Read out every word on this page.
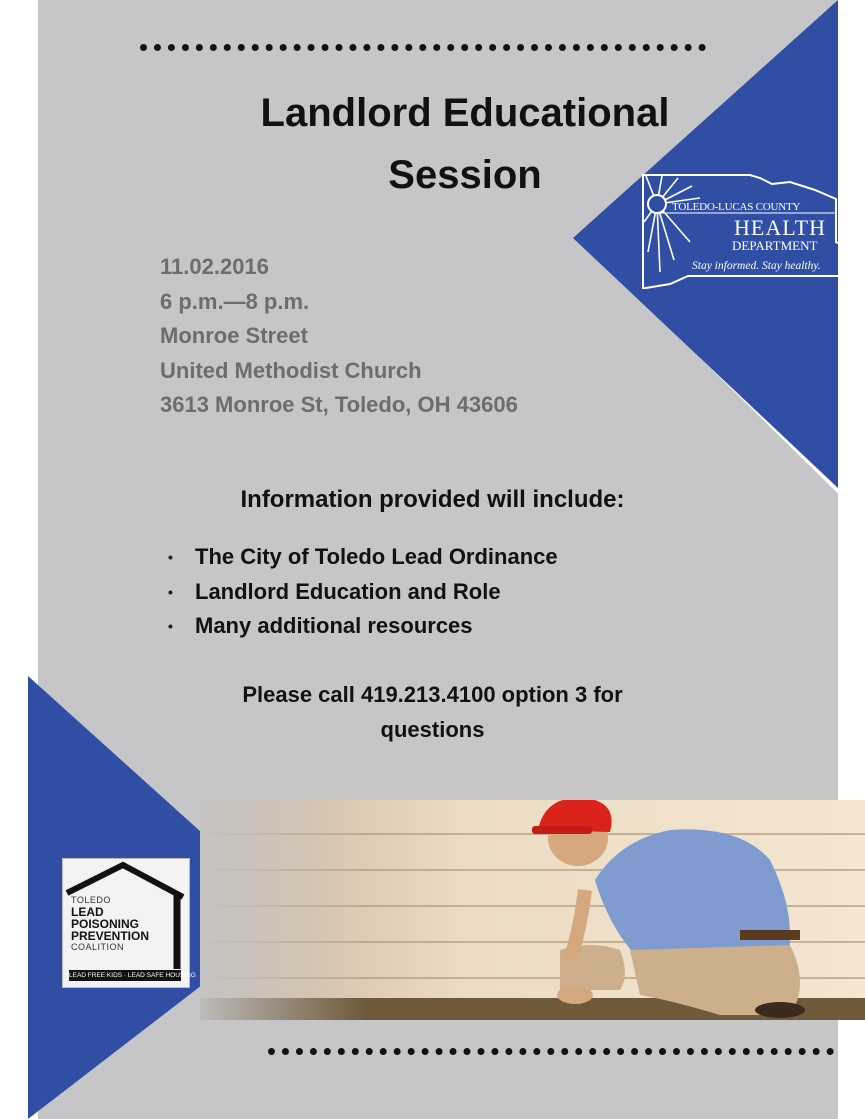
Landlord Educational
Session
TOLEDO-LUCAS COUNTY
HEALTH
DEPARTMENT
Stay informed. Stay healthy.
11.02.2016
6 p.m.—8 p.m.
Monroe Street
United Methodist Church
3613 Monroe St, Toledo, OH 43606
Information provided will include:
• The City of Toledo Lead Ordinance
• Landlord Education and Role
• Many additional resources
Please call 419.213.4100 option 3 for
questions
TOLEDO
LEAD
POISONING
PREVENTION
COALITION
LEAD FREE KIDS · LEAD SAFE HOUSING
